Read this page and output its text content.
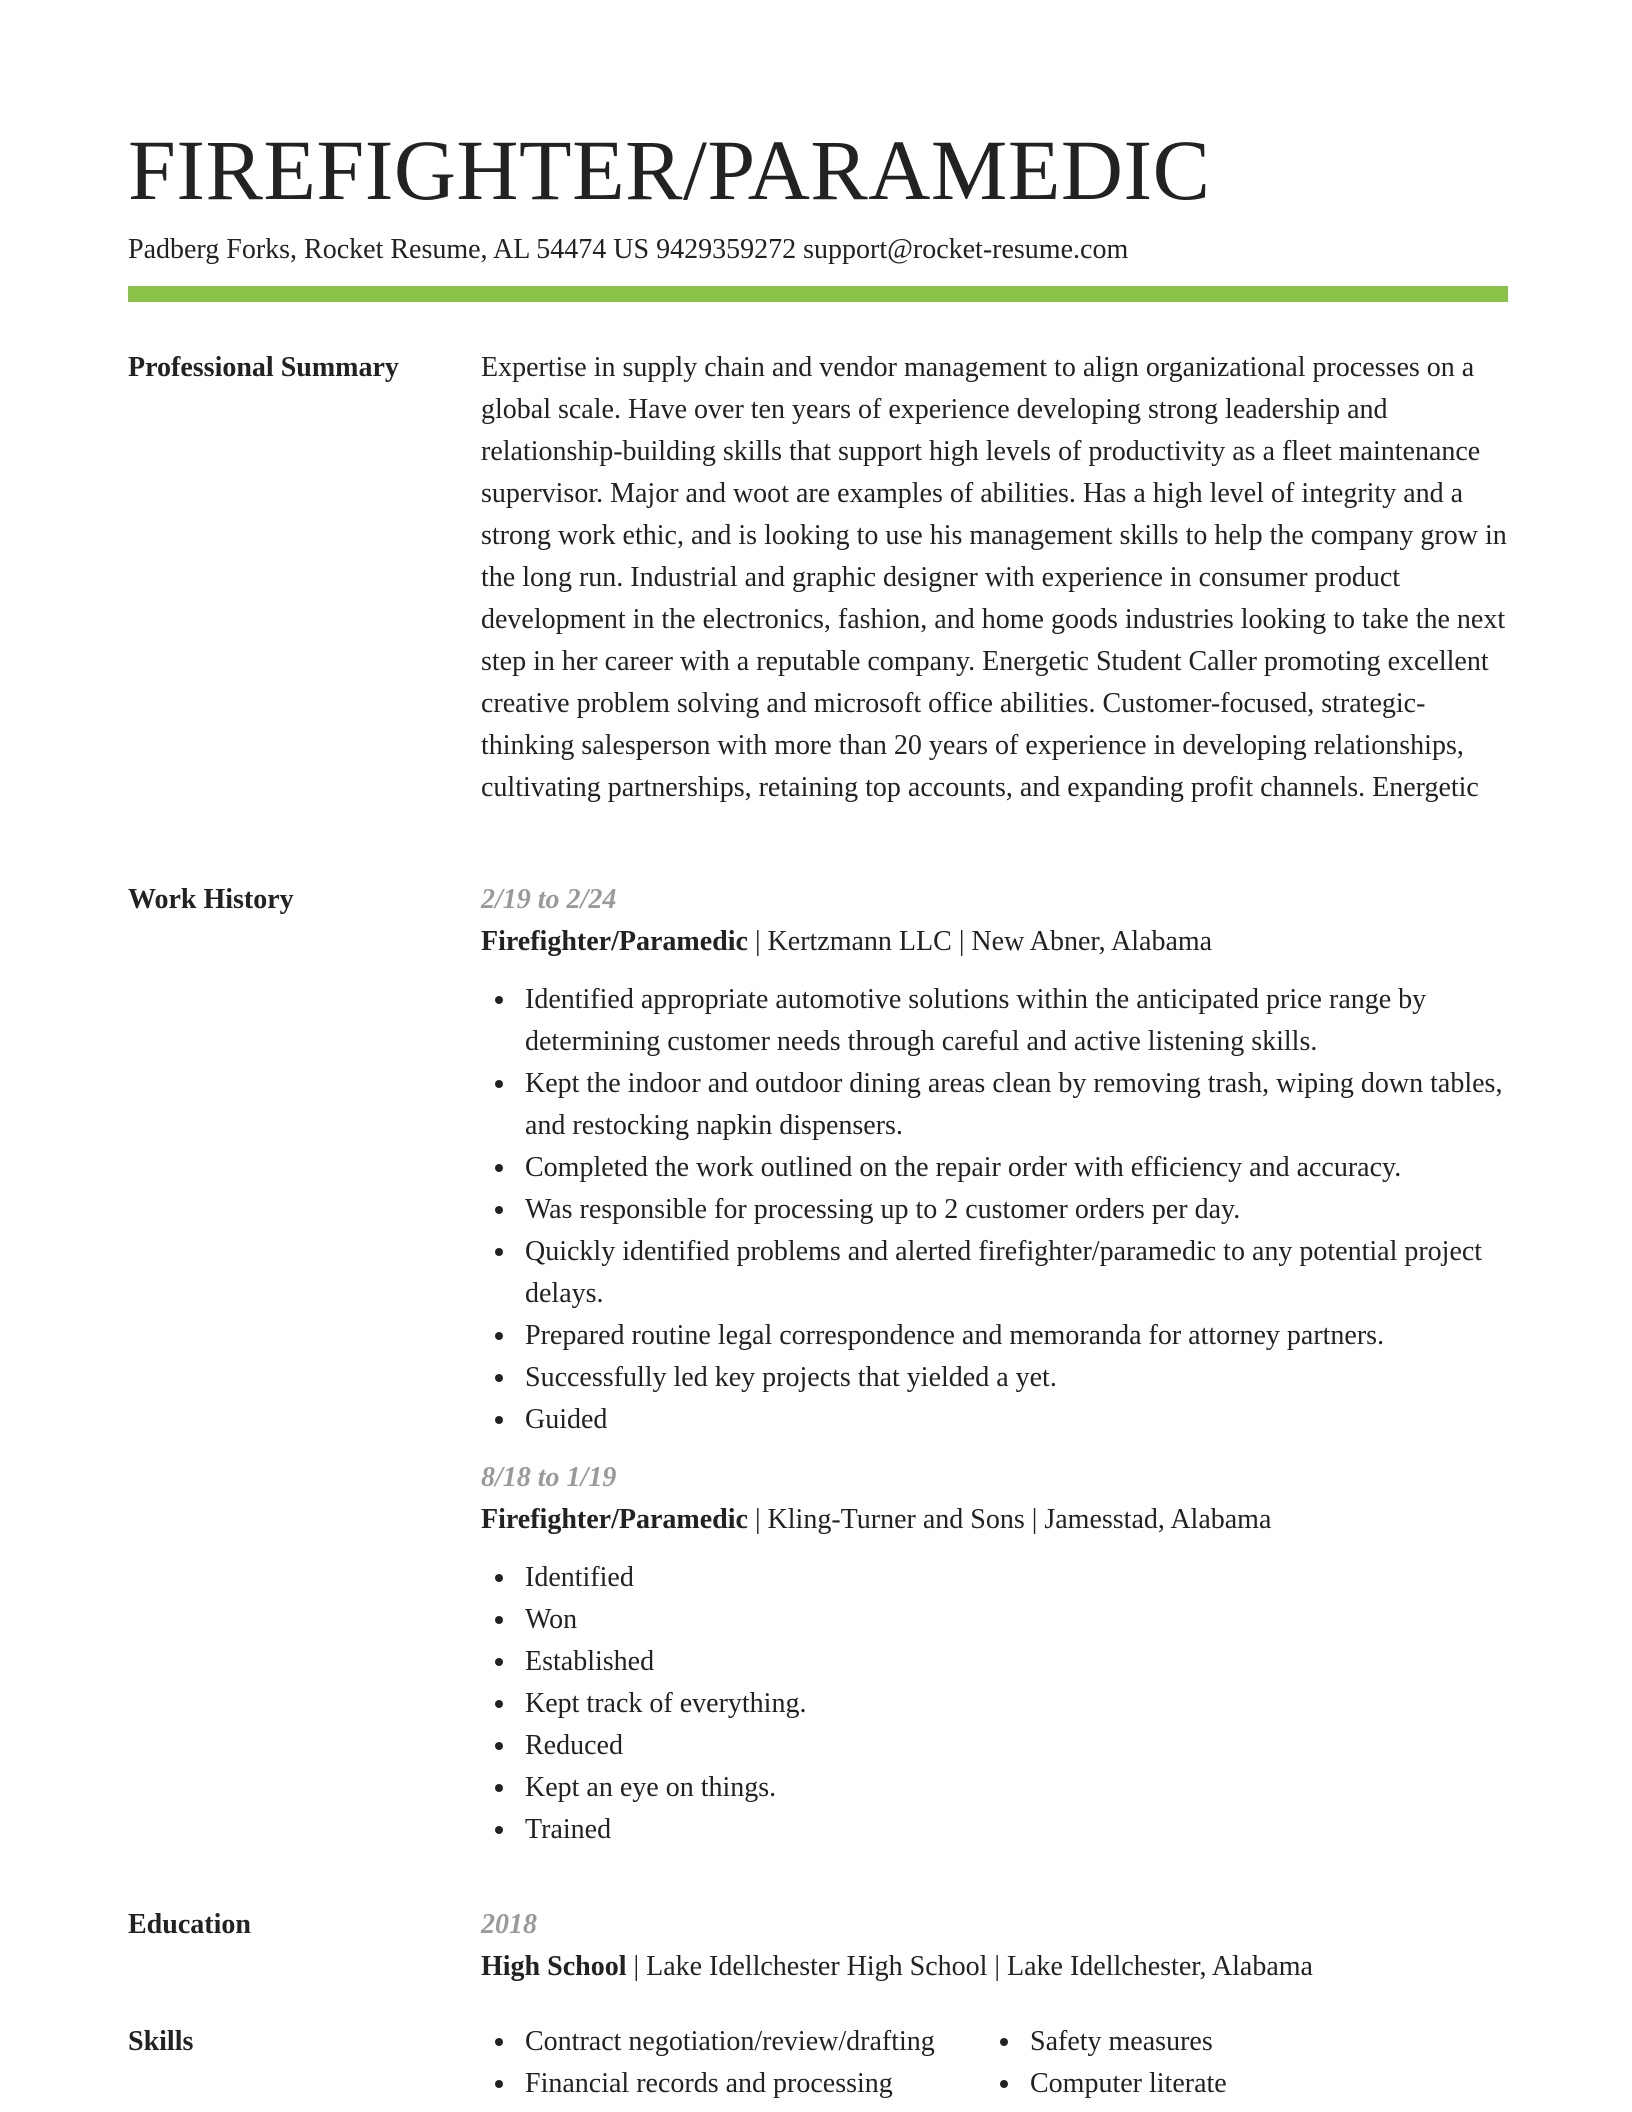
FIREFIGHTER/PARAMEDIC
Padberg Forks, Rocket Resume, AL 54474 US 9429359272 support@rocket-resume.com
Professional Summary	Expertise in supply chain and vendor management to align organizational processes on a global scale. Have over ten years of experience developing strong leadership and relationship-building skills that support high levels of productivity as a fleet maintenance supervisor. Major and woot are examples of abilities. Has a high level of integrity and a strong work ethic, and is looking to use his management skills to help the company grow in the long run. Industrial and graphic designer with experience in consumer product development in the electronics, fashion, and home goods industries looking to take the next step in her career with a reputable company. Energetic Student Caller promoting excellent creative problem solving and microsoft office abilities. Customer-focused, strategic-thinking salesperson with more than 20 years of experience in developing relationships, cultivating partnerships, retaining top accounts, and expanding profit channels. Energetic

Work History	2/19 to 2/24
Firefighter/Paramedic | Kertzmann LLC | New Abner, Alabama
Identified appropriate automotive solutions within the anticipated price range by determining customer needs through careful and active listening skills.
Kept the indoor and outdoor dining areas clean by removing trash, wiping down tables, and restocking napkin dispensers.
Completed the work outlined on the repair order with efficiency and accuracy.
Was responsible for processing up to 2 customer orders per day.
Quickly identified problems and alerted firefighter/paramedic to any potential project delays.
Prepared routine legal correspondence and memoranda for attorney partners.
Successfully led key projects that yielded a yet.
Guided
8/18 to 1/19
Firefighter/Paramedic | Kling-Turner and Sons | Jamesstad, Alabama
Identified
Won
Established
Kept track of everything.
Reduced
Kept an eye on things.
Trained
Education	2018
High School | Lake Idellchester High School | Lake Idellchester, Alabama
Skills	Contract negotiation/review/drafting
Financial records and processing
Safety measures
Computer literate
